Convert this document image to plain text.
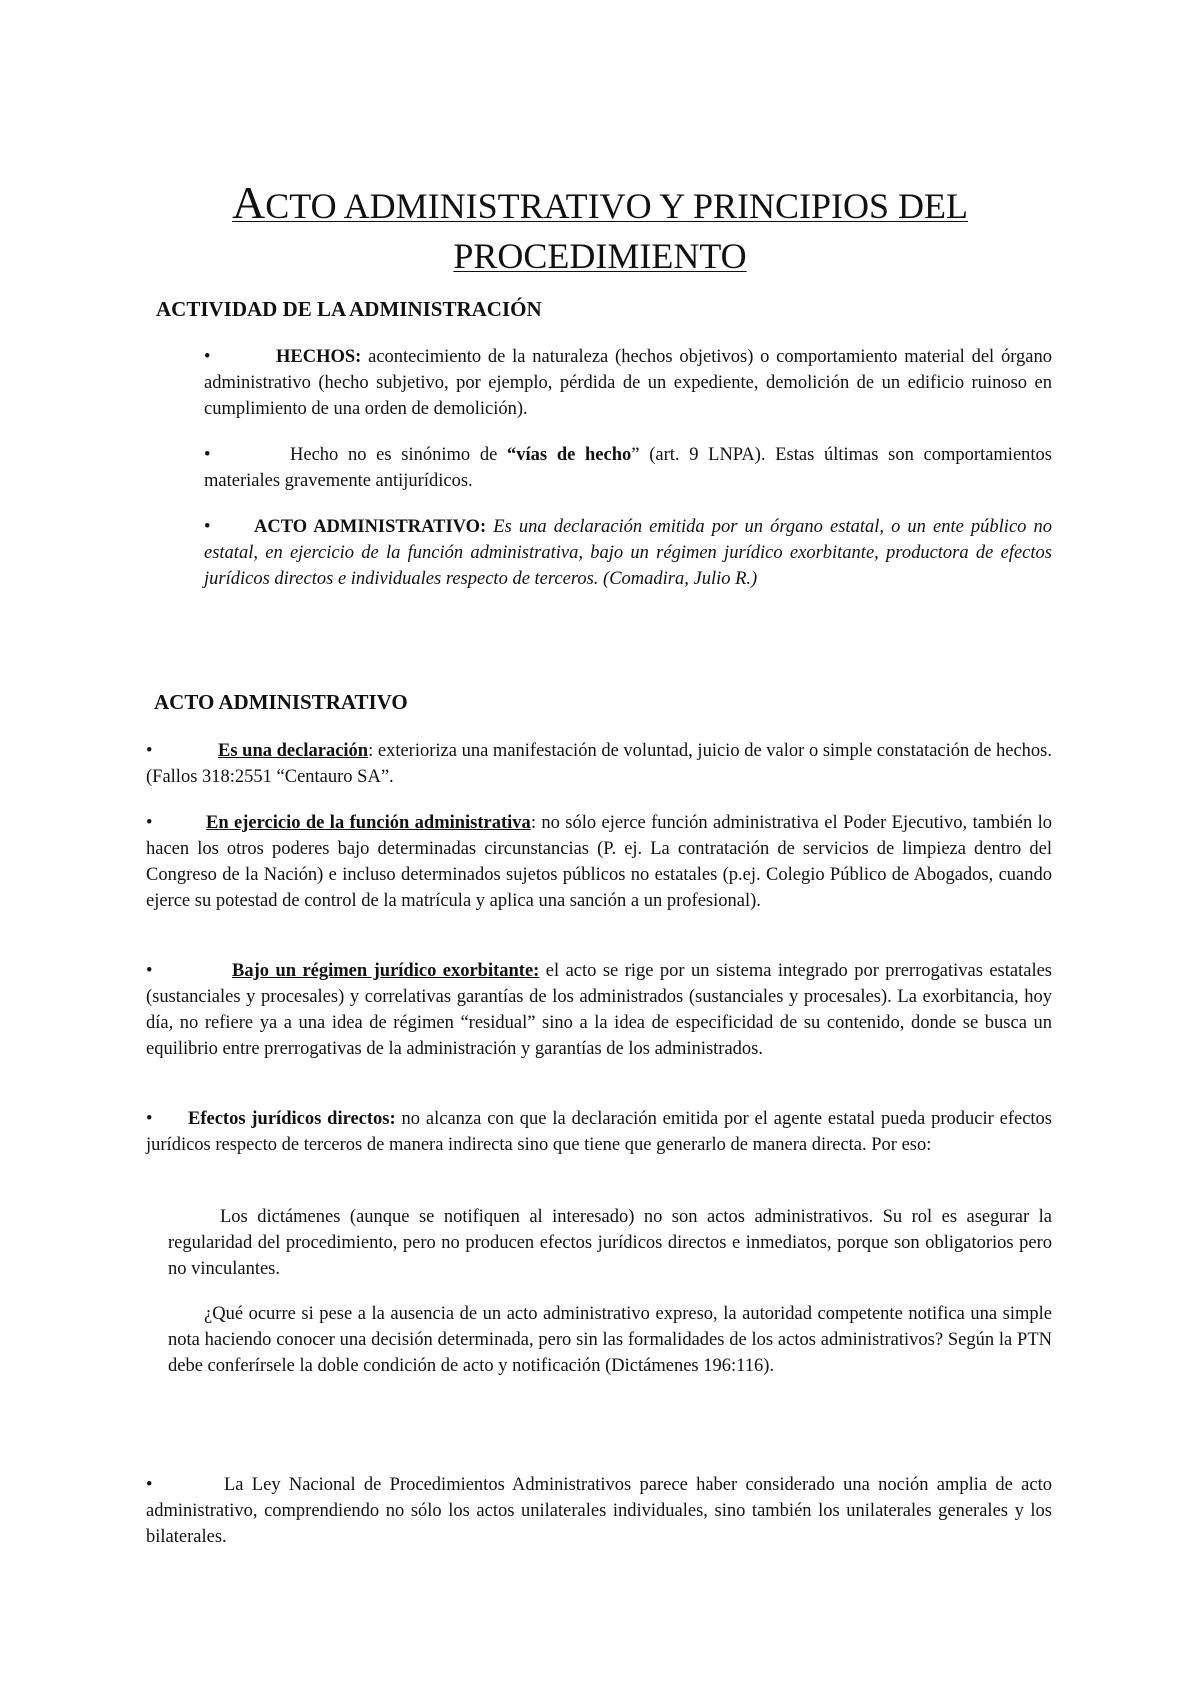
ACTO ADMINISTRATIVO Y PRINCIPIOS DEL
PROCEDIMIENTO
ACTIVIDAD DE LA ADMINISTRACIÓN

•	HECHOS: acontecimiento de la naturaleza (hechos objetivos) o comportamiento material del órgano administrativo (hecho subjetivo, por ejemplo, pérdida de un expediente, demolición de un edificio ruinoso en cumplimiento de una orden de demolición).

•	Hecho no es sinónimo de “vías de hecho” (art. 9 LNPA). Estas últimas son comportamientos materiales gravemente antijurídicos.

• ACTO ADMINISTRATIVO: Es una declaración emitida por un órgano estatal, o un ente público no estatal, en ejercicio de la función administrativa, bajo un régimen jurídico exorbitante, productora de efectos jurídicos directos e individuales respecto de terceros. (Comadira, Julio R.)

ACTO ADMINISTRATIVO

•	Es una declaración: exterioriza una manifestación de voluntad, juicio de valor o simple constatación de hechos. (Fallos 318:2551 “Centauro SA”.

•	En ejercicio de la función administrativa: no sólo ejerce función administrativa el Poder Ejecutivo, también lo hacen los otros poderes bajo determinadas circunstancias (P. ej. La contratación de servicios de limpieza dentro del Congreso de la Nación) e incluso determinados sujetos públicos no estatales (p.ej. Colegio Público de Abogados, cuando ejerce su potestad de control de la matrícula y aplica una sanción a un profesional).

•	Bajo un régimen jurídico exorbitante: el acto se rige por un sistema integrado por prerrogativas estatales (sustanciales y procesales) y correlativas garantías de los administrados (sustanciales y procesales). La exorbitancia, hoy día, no refiere ya a una idea de régimen “residual” sino a la idea de especificidad de su contenido, donde se busca un equilibrio entre prerrogativas de la administración y garantías de los administrados.

• Efectos jurídicos directos: no alcanza con que la declaración emitida por el agente estatal pueda producir efectos jurídicos respecto de terceros de manera indirecta sino que tiene que generarlo de manera directa. Por eso:

Los dictámenes (aunque se notifiquen al interesado) no son actos administrativos. Su rol es asegurar la regularidad del procedimiento, pero no producen efectos jurídicos directos e inmediatos, porque son obligatorios pero no vinculantes.

¿Qué ocurre si pese a la ausencia de un acto administrativo expreso, la autoridad competente notifica una simple nota haciendo conocer una decisión determinada, pero sin las formalidades de los actos administrativos? Según la PTN debe conferírsele la doble condición de acto y notificación (Dictámenes 196:116).

•	La Ley Nacional de Procedimientos Administrativos parece haber considerado una noción amplia de acto administrativo, comprendiendo no sólo los actos unilaterales individuales, sino también los unilaterales generales y los bilaterales.
